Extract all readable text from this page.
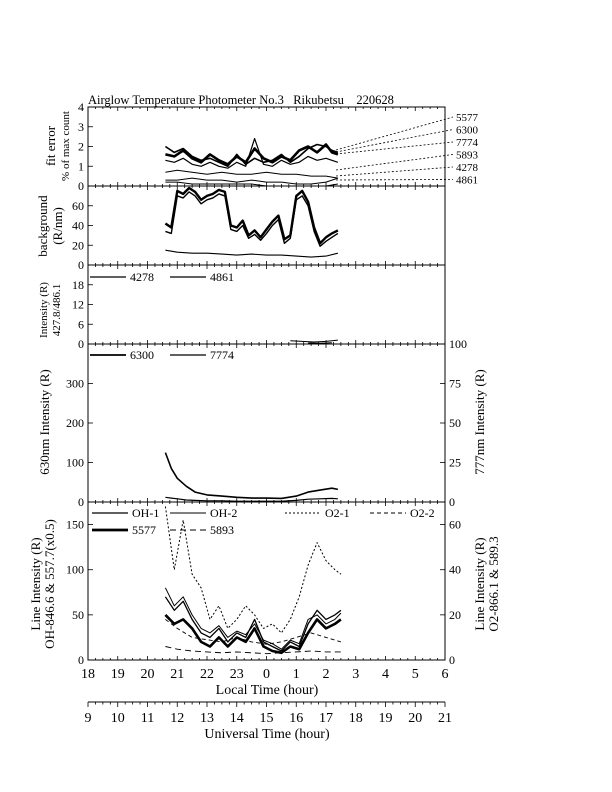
Airglow Temperature Photometer No.3   Rikubetsu    220628
18 19 20 21 22 23 0 1 2 3 4 5 6
9 10 11 12 13 14 15 16 17 18 19 20 21
0
1
2
3
4
0
20
40
60
0
6
12
18
0
100
200
300
0
25
50
75
100
0
50
100
150
0
20
40
60
fit error % of max count
background (R/nm)
Intensity (R) 427.8/486.1
630nm Intensity (R)	777nm Intensity (R)
Line Intensity (R) OH-846.6 & 557.7(x0.5)	Line Intensity (R) O2-866.1 & 589.3
Local Time (hour)
Universal Time (hour)
4278	4861
6300	7774
OH-1	OH-2	O2-1	O2-2
5577	5893
5577
6300
7774
5893
4278
4861
